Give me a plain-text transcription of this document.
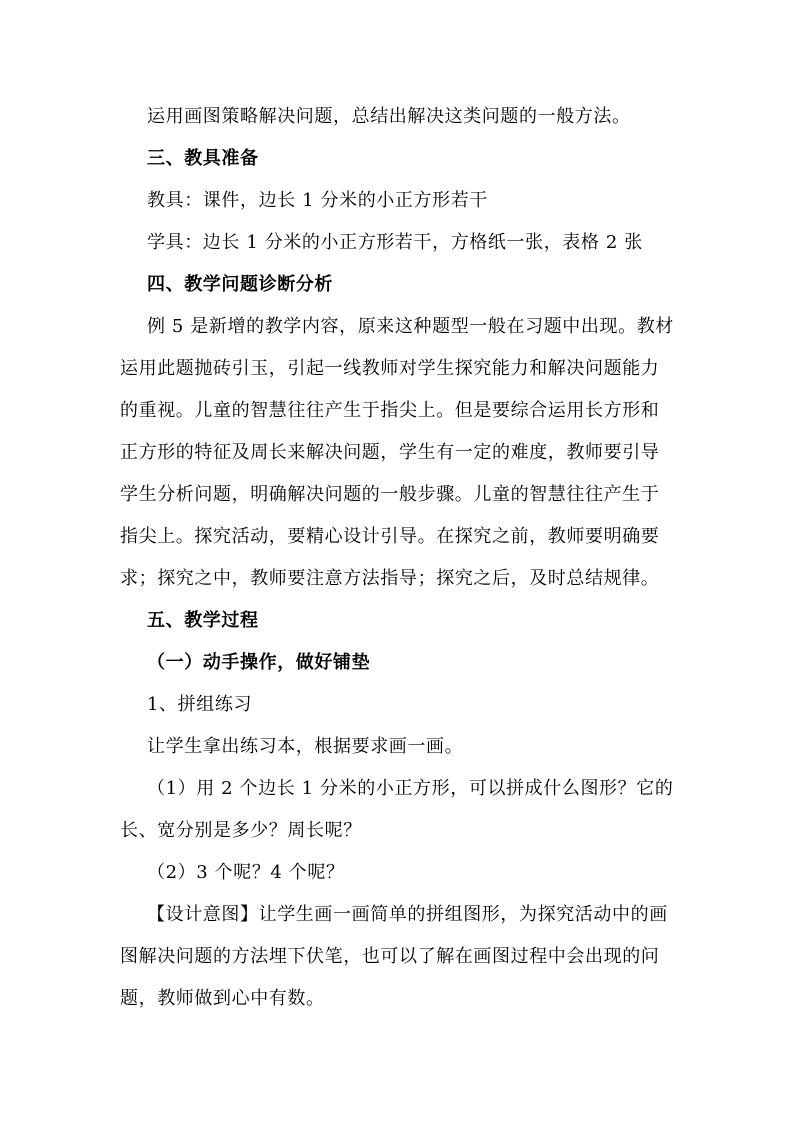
运用画图策略解决问题，总结出解决这类问题的一般方法。
三、教具准备
教具：课件，边长 1 分米的小正方形若干
学具：边长 1 分米的小正方形若干，方格纸一张，表格 2 张
四、教学问题诊断分析
例 5 是新增的教学内容，原来这种题型一般在习题中出现。教材
运用此题抛砖引玉，引起一线教师对学生探究能力和解决问题能力
的重视。儿童的智慧往往产生于指尖上。但是要综合运用长方形和
正方形的特征及周长来解决问题，学生有一定的难度，教师要引导
学生分析问题，明确解决问题的一般步骤。儿童的智慧往往产生于
指尖上。探究活动，要精心设计引导。在探究之前，教师要明确要
求；探究之中，教师要注意方法指导；探究之后，及时总结规律。
五、教学过程
（一）动手操作，做好铺垫
1、拼组练习
让学生拿出练习本，根据要求画一画。
（1）用 2 个边长 1 分米的小正方形，可以拼成什么图形？它的
长、宽分别是多少？周长呢？
（2）3 个呢？4 个呢？
【设计意图】让学生画一画简单的拼组图形，为探究活动中的画
图解决问题的方法埋下伏笔，也可以了解在画图过程中会出现的问
题，教师做到心中有数。
